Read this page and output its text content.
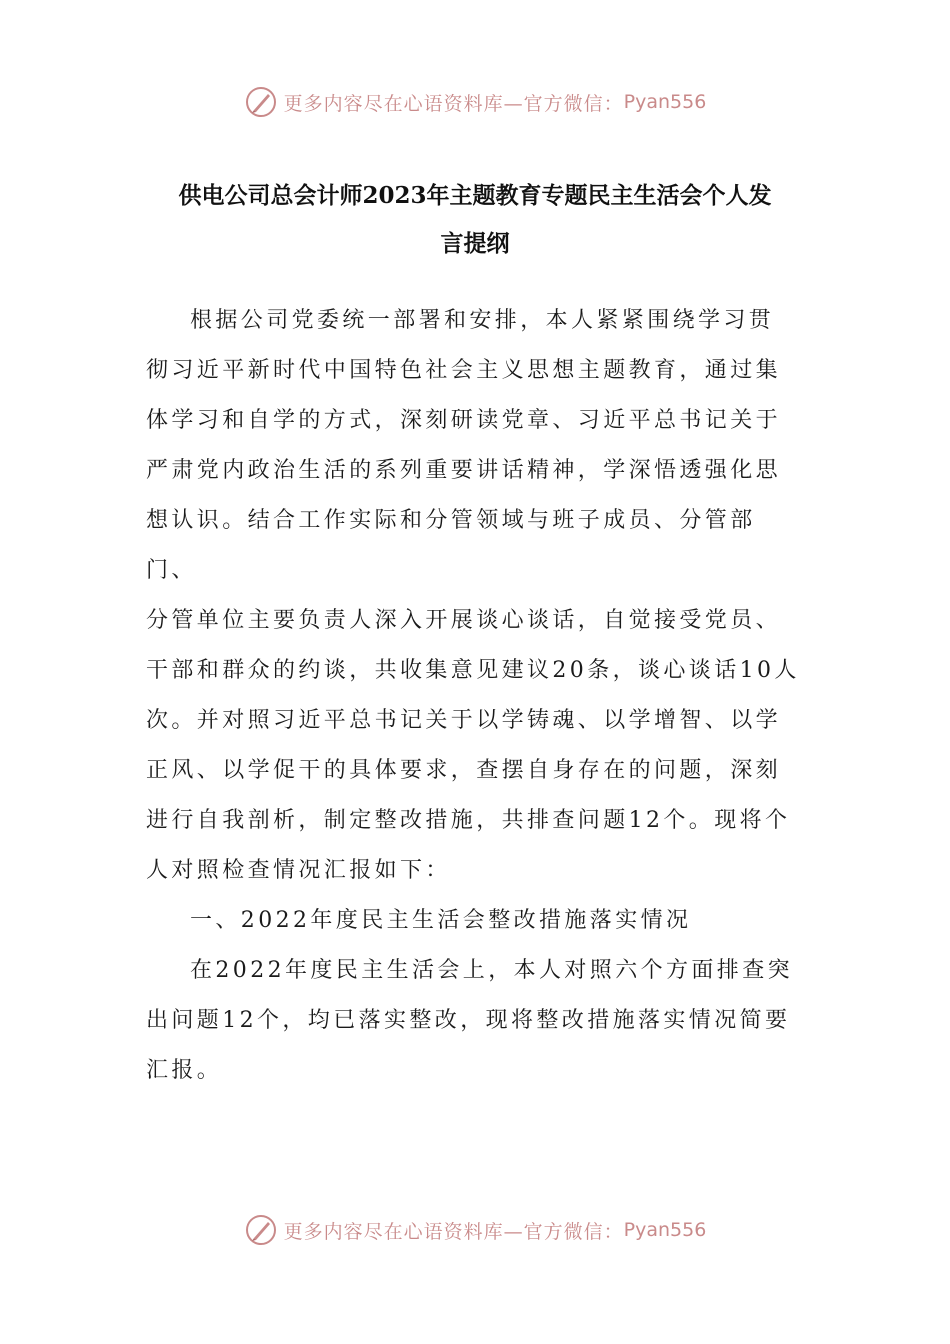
更多内容尽在心语资料库—官方微信： Pyan556
供电公司总会计师2023年主题教育专题民主生活会个人发
言提纲
根据公司党委统一部署和安排，本人紧紧围绕学习贯
彻习近平新时代中国特色社会主义思想主题教育，通过集
体学习和自学的方式，深刻研读党章、习近平总书记关于
严肃党内政治生活的系列重要讲话精神，学深悟透强化思
想认识。结合工作实际和分管领域与班子成员、分管部门、
分管单位主要负责人深入开展谈心谈话，自觉接受党员、
干部和群众的约谈，共收集意见建议20条，谈心谈话10人
次。并对照习近平总书记关于以学铸魂、以学增智、以学
正风、以学促干的具体要求，查摆自身存在的问题，深刻
进行自我剖析，制定整改措施，共排查问题12个。现将个
人对照检查情况汇报如下：
一、2022年度民主生活会整改措施落实情况
在2022年度民主生活会上，本人对照六个方面排查突
出问题12个，均已落实整改，现将整改措施落实情况简要
汇报。
更多内容尽在心语资料库—官方微信： Pyan556
